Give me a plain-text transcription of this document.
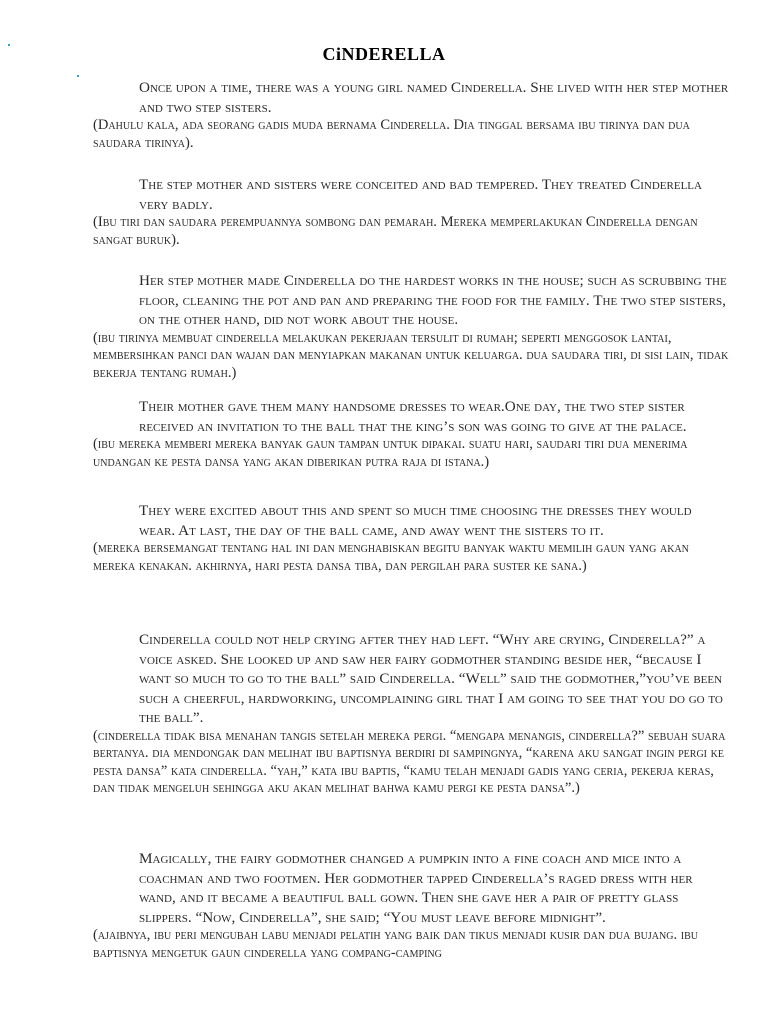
CiNDERELLA
Once upon a time, there was a young girl named Cinderella. She lived with her step mother and two step sisters.
(Dahulu kala, ada seorang gadis muda bernama Cinderella. Dia tinggal bersama ibu tirinya dan dua saudara tirinya).
The step mother and sisters were conceited and bad tempered. They treated Cinderella very badly.
(Ibu tiri dan saudara perempuannya sombong dan pemarah. Mereka memperlakukan Cinderella dengan sangat buruk).
Her step mother made Cinderella do the hardest works in the house; such as scrubbing the floor, cleaning the pot and pan and preparing the food for the family. The two step sisters, on the other hand, did not work about the house.
(ibu tirinya membuat cinderella melakukan pekerjaan tersulit di rumah; seperti menggosok lantai, membersihkan panci dan wajan dan menyiapkan makanan untuk keluarga. dua saudara tiri, di sisi lain, tidak bekerja tentang rumah.)
Their mother gave them many handsome dresses to wear.One day, the two step sister received an invitation to the ball that the king’s son was going to give at the palace.
(ibu mereka memberi mereka banyak gaun tampan untuk dipakai. suatu hari, saudari tiri dua menerima undangan ke pesta dansa yang akan diberikan putra raja di istana.)
They were excited about this and spent so much time choosing the dresses they would wear. At last, the day of the ball came, and away went the sisters to it.
(mereka bersemangat tentang hal ini dan menghabiskan begitu banyak waktu memilih gaun yang akan mereka kenakan. akhirnya, hari pesta dansa tiba, dan pergilah para suster ke sana.)
Cinderella could not help crying after they had left. “Why are crying, Cinderella?” a voice asked. She looked up and saw her fairy godmother standing beside her, “because I want so much to go to the ball” said Cinderella. “Well” said the godmother,”you’ve been such a cheerful, hardworking, uncomplaining girl that I am going to see that you do go to the ball”.
(cinderella tidak bisa menahan tangis setelah mereka pergi. “mengapa menangis, cinderella?” sebuah suara bertanya. dia mendongak dan melihat ibu baptisnya berdiri di sampingnya, “karena aku sangat ingin pergi ke pesta dansa” kata cinderella. “yah,” kata ibu baptis, “kamu telah menjadi gadis yang ceria, pekerja keras, dan tidak mengeluh sehingga aku akan melihat bahwa kamu pergi ke pesta dansa”.)
Magically, the fairy godmother changed a pumpkin into a fine coach and mice into a coachman and two footmen. Her godmother tapped Cinderella’s raged dress with her wand, and it became a beautiful ball gown. Then she gave her a pair of pretty glass slippers. “Now, Cinderella”, she said; “You must leave before midnight”.
(ajaibnya, ibu peri mengubah labu menjadi pelatih yang baik dan tikus menjadi kusir dan dua bujang. ibu baptisnya mengetuk gaun cinderella yang compang-camping
